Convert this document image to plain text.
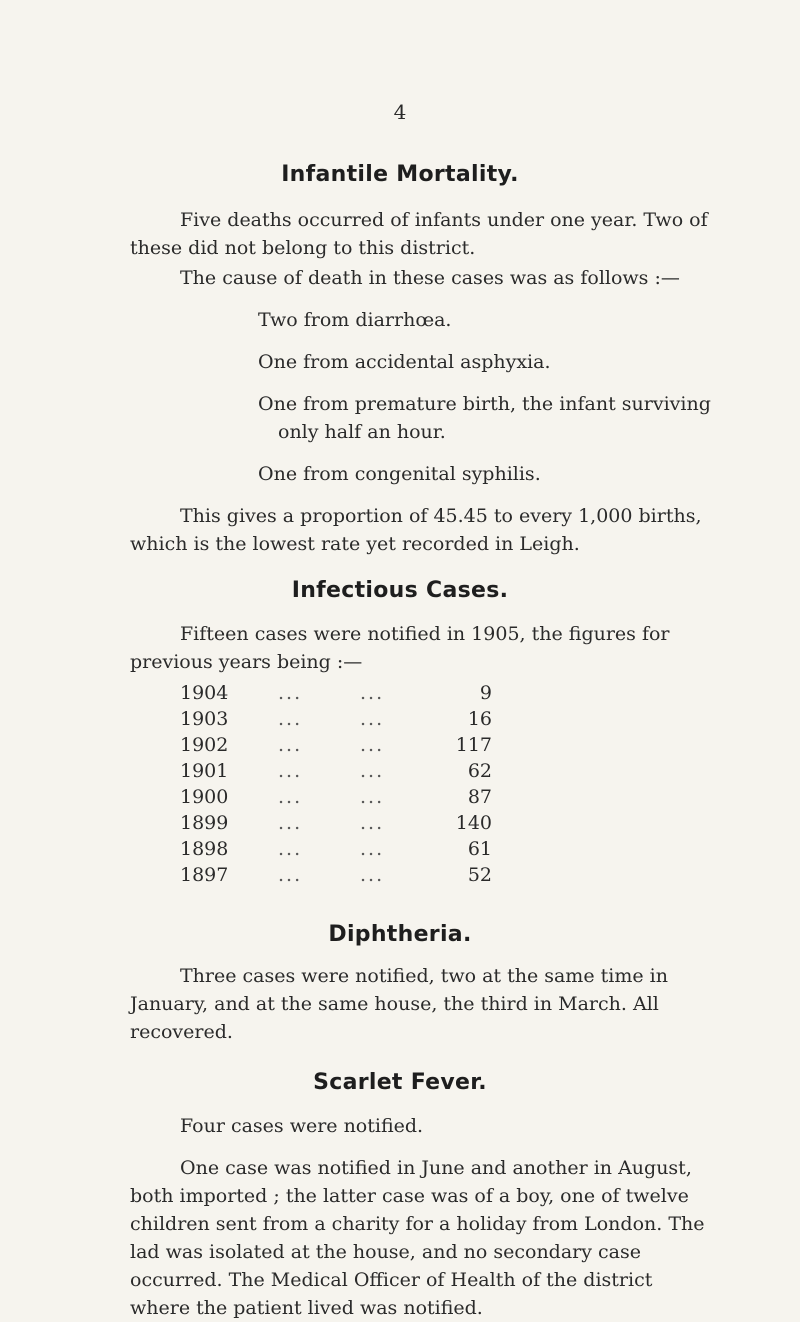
4
Infantile Mortality.

Five deaths occurred of infants under one year. Two of these did not belong to this district.

The cause of death in these cases was as follows :—

Two from diarrhœa.

One from accidental asphyxia.

One from premature birth, the infant surviving
only half an hour.

One from congenital syphilis.

This gives a proportion of 45.45 to every 1,000 births, which is the lowest rate yet recorded in Leigh.

Infectious Cases.

Fifteen cases were notified in 1905, the figures for previous years being :—

1904	...	...	9
1903	...	...	16
1902	...	...	117
1901	...	...	62
1900	...	...	87
1899	...	...	140
1898	...	...	61
1897	...	...	52
Diphtheria.

Three cases were notified, two at the same time in January, and at the same house, the third in March. All recovered.

Scarlet Fever.

Four cases were notified.

One case was notified in June and another in August, both imported ; the latter case was of a boy, one of twelve children sent from a charity for a holiday from London. The lad was isolated at the house, and no secondary case occurred. The Medical Officer of Health of the district where the patient lived was notified.
